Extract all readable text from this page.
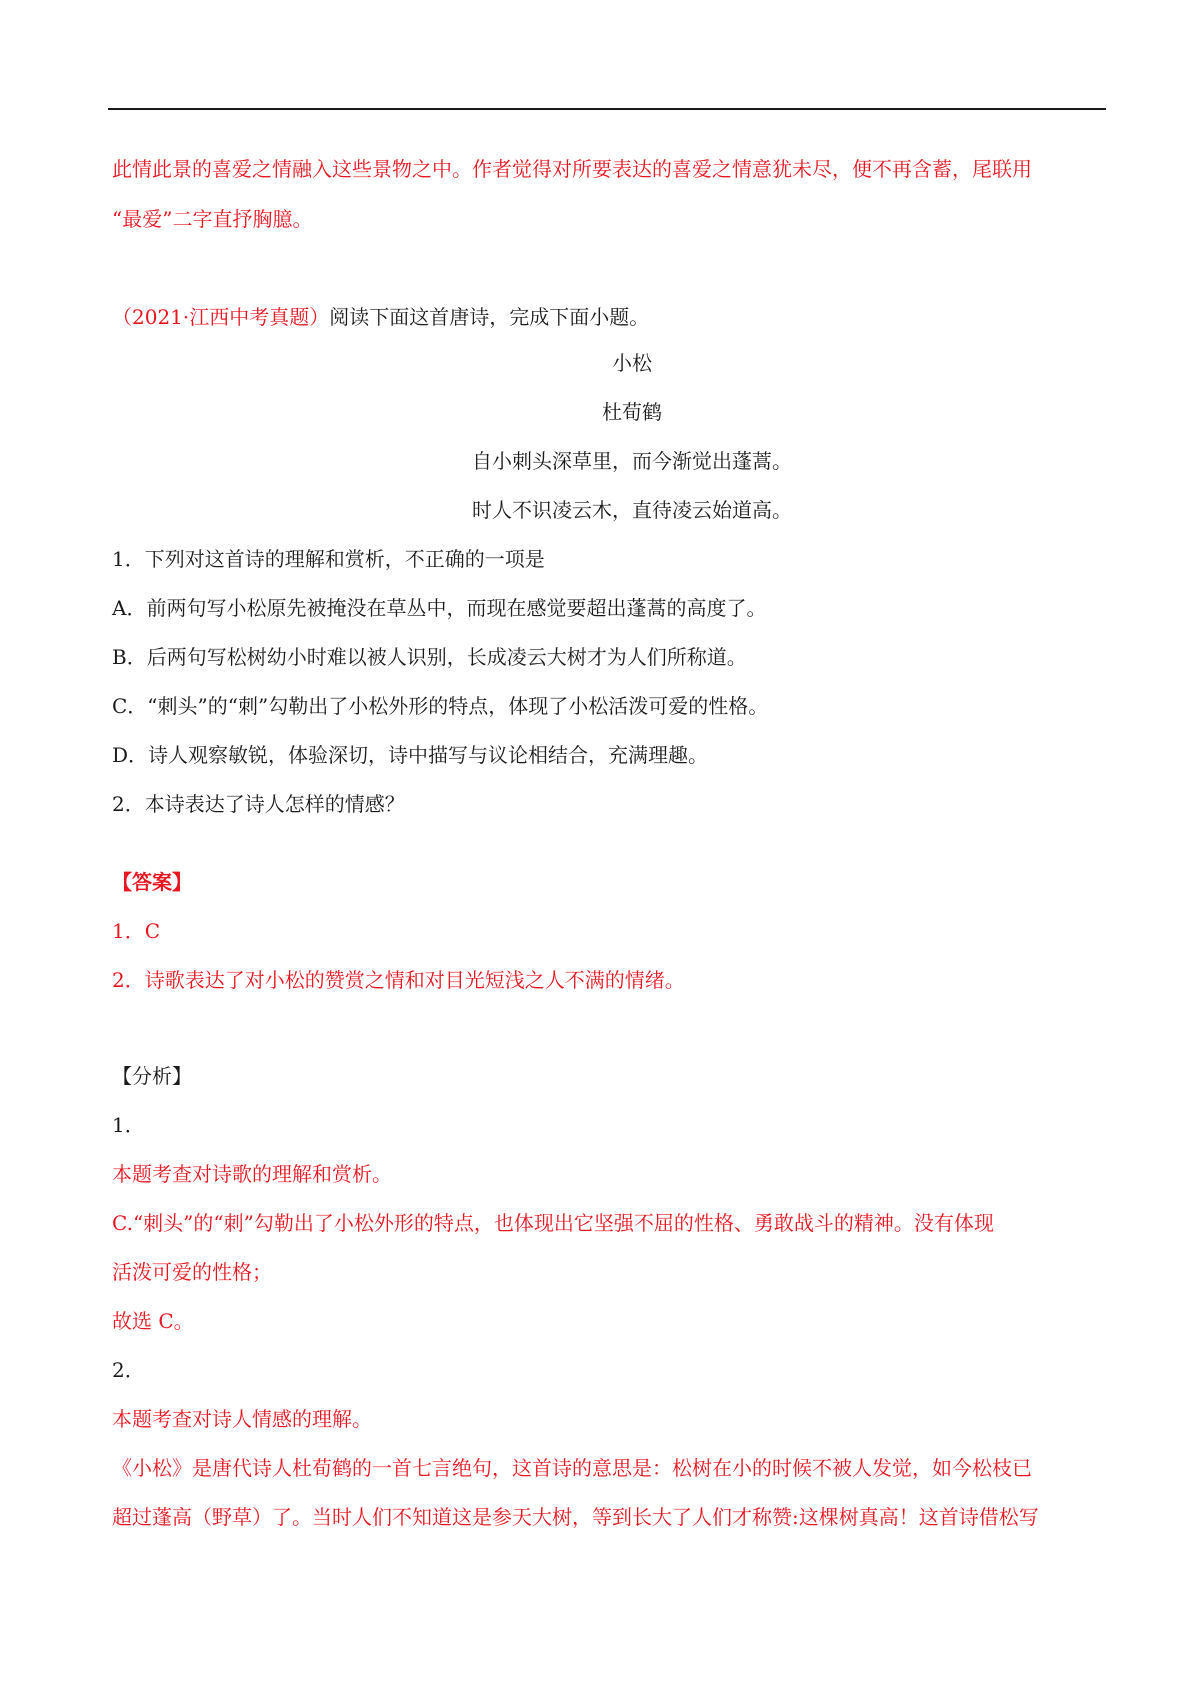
此情此景的喜爱之情融入这些景物之中。作者觉得对所要表达的喜爱之情意犹未尽，便不再含蓄，尾联用
“最爱”二字直抒胸臆。
（2021·江西中考真题）阅读下面这首唐诗，完成下面小题。
小松
杜荀鹤
自小刺头深草里，而今渐觉出蓬蒿。
时人不识凌云木，直待凌云始道高。
1．下列对这首诗的理解和赏析，不正确的一项是
A．前两句写小松原先被掩没在草丛中，而现在感觉要超出蓬蒿的高度了。
B．后两句写松树幼小时难以被人识别，长成凌云大树才为人们所称道。
C．“刺头”的“刺”勾勒出了小松外形的特点，体现了小松活泼可爱的性格。
D．诗人观察敏锐，体验深切，诗中描写与议论相结合，充满理趣。
2．本诗表达了诗人怎样的情感？
【答案】
1．C
2．诗歌表达了对小松的赞赏之情和对目光短浅之人不满的情绪。
【分析】
1．
本题考查对诗歌的理解和赏析。
C.“刺头”的“刺”勾勒出了小松外形的特点，也体现出它坚强不屈的性格、勇敢战斗的精神。没有体现
活泼可爱的性格；
故选 C。
2．
本题考查对诗人情感的理解。
《小松》是唐代诗人杜荀鹤的一首七言绝句，这首诗的意思是：松树在小的时候不被人发觉，如今松枝已
超过蓬高（野草）了。当时人们不知道这是参天大树，等到长大了人们才称赞:这棵树真高！这首诗借松写
